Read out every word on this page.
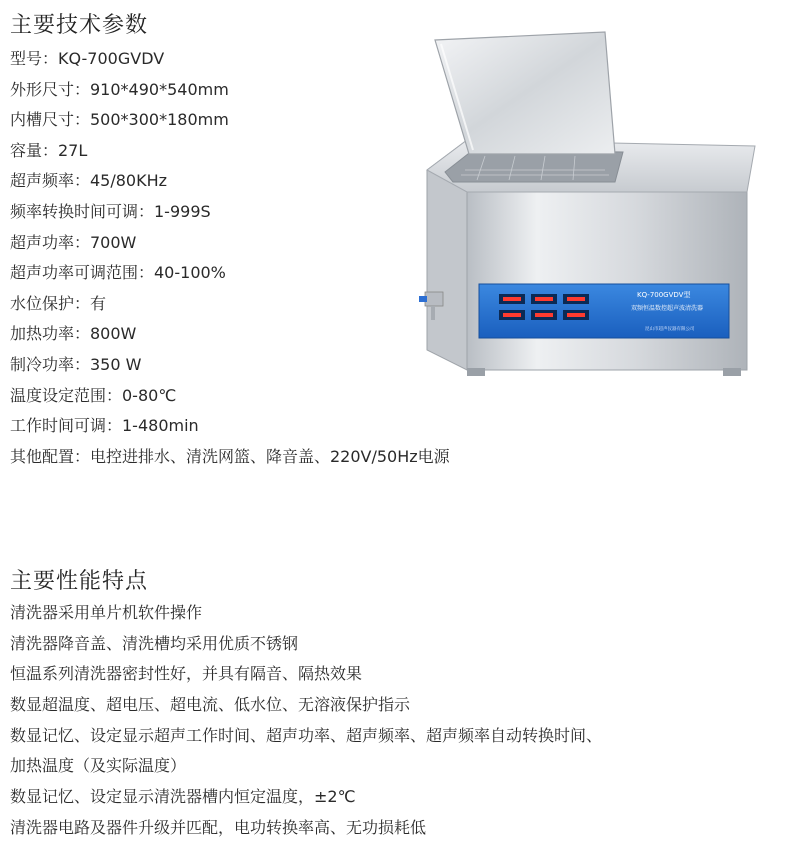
主要技术参数
型号：KQ-700GVDV
外形尺寸：910*490*540mm
内槽尺寸：500*300*180mm
容量：27L
超声频率：45/80KHz
频率转换时间可调：1-999S
超声功率：700W
超声功率可调范围：40-100%
水位保护：有
加热功率：800W
制冷功率：350 W
温度设定范围：0-80℃
工作时间可调：1-480min
其他配置：电控进排水、清洗网篮、降音盖、220V/50Hz电源
KQ-700GVDV型
双频恒温数控超声波清洗器
昆山市超声仪器有限公司
主要性能特点
清洗器采用单片机软件操作
清洗器降音盖、清洗槽均采用优质不锈钢
恒温系列清洗器密封性好，并具有隔音、隔热效果
数显超温度、超电压、超电流、低水位、无溶液保护指示
数显记忆、设定显示超声工作时间、超声功率、超声频率、超声频率自动转换时间、
加热温度（及实际温度）
数显记忆、设定显示清洗器槽内恒定温度，±2℃
清洗器电路及器件升级并匹配，电功转换率高、无功损耗低
